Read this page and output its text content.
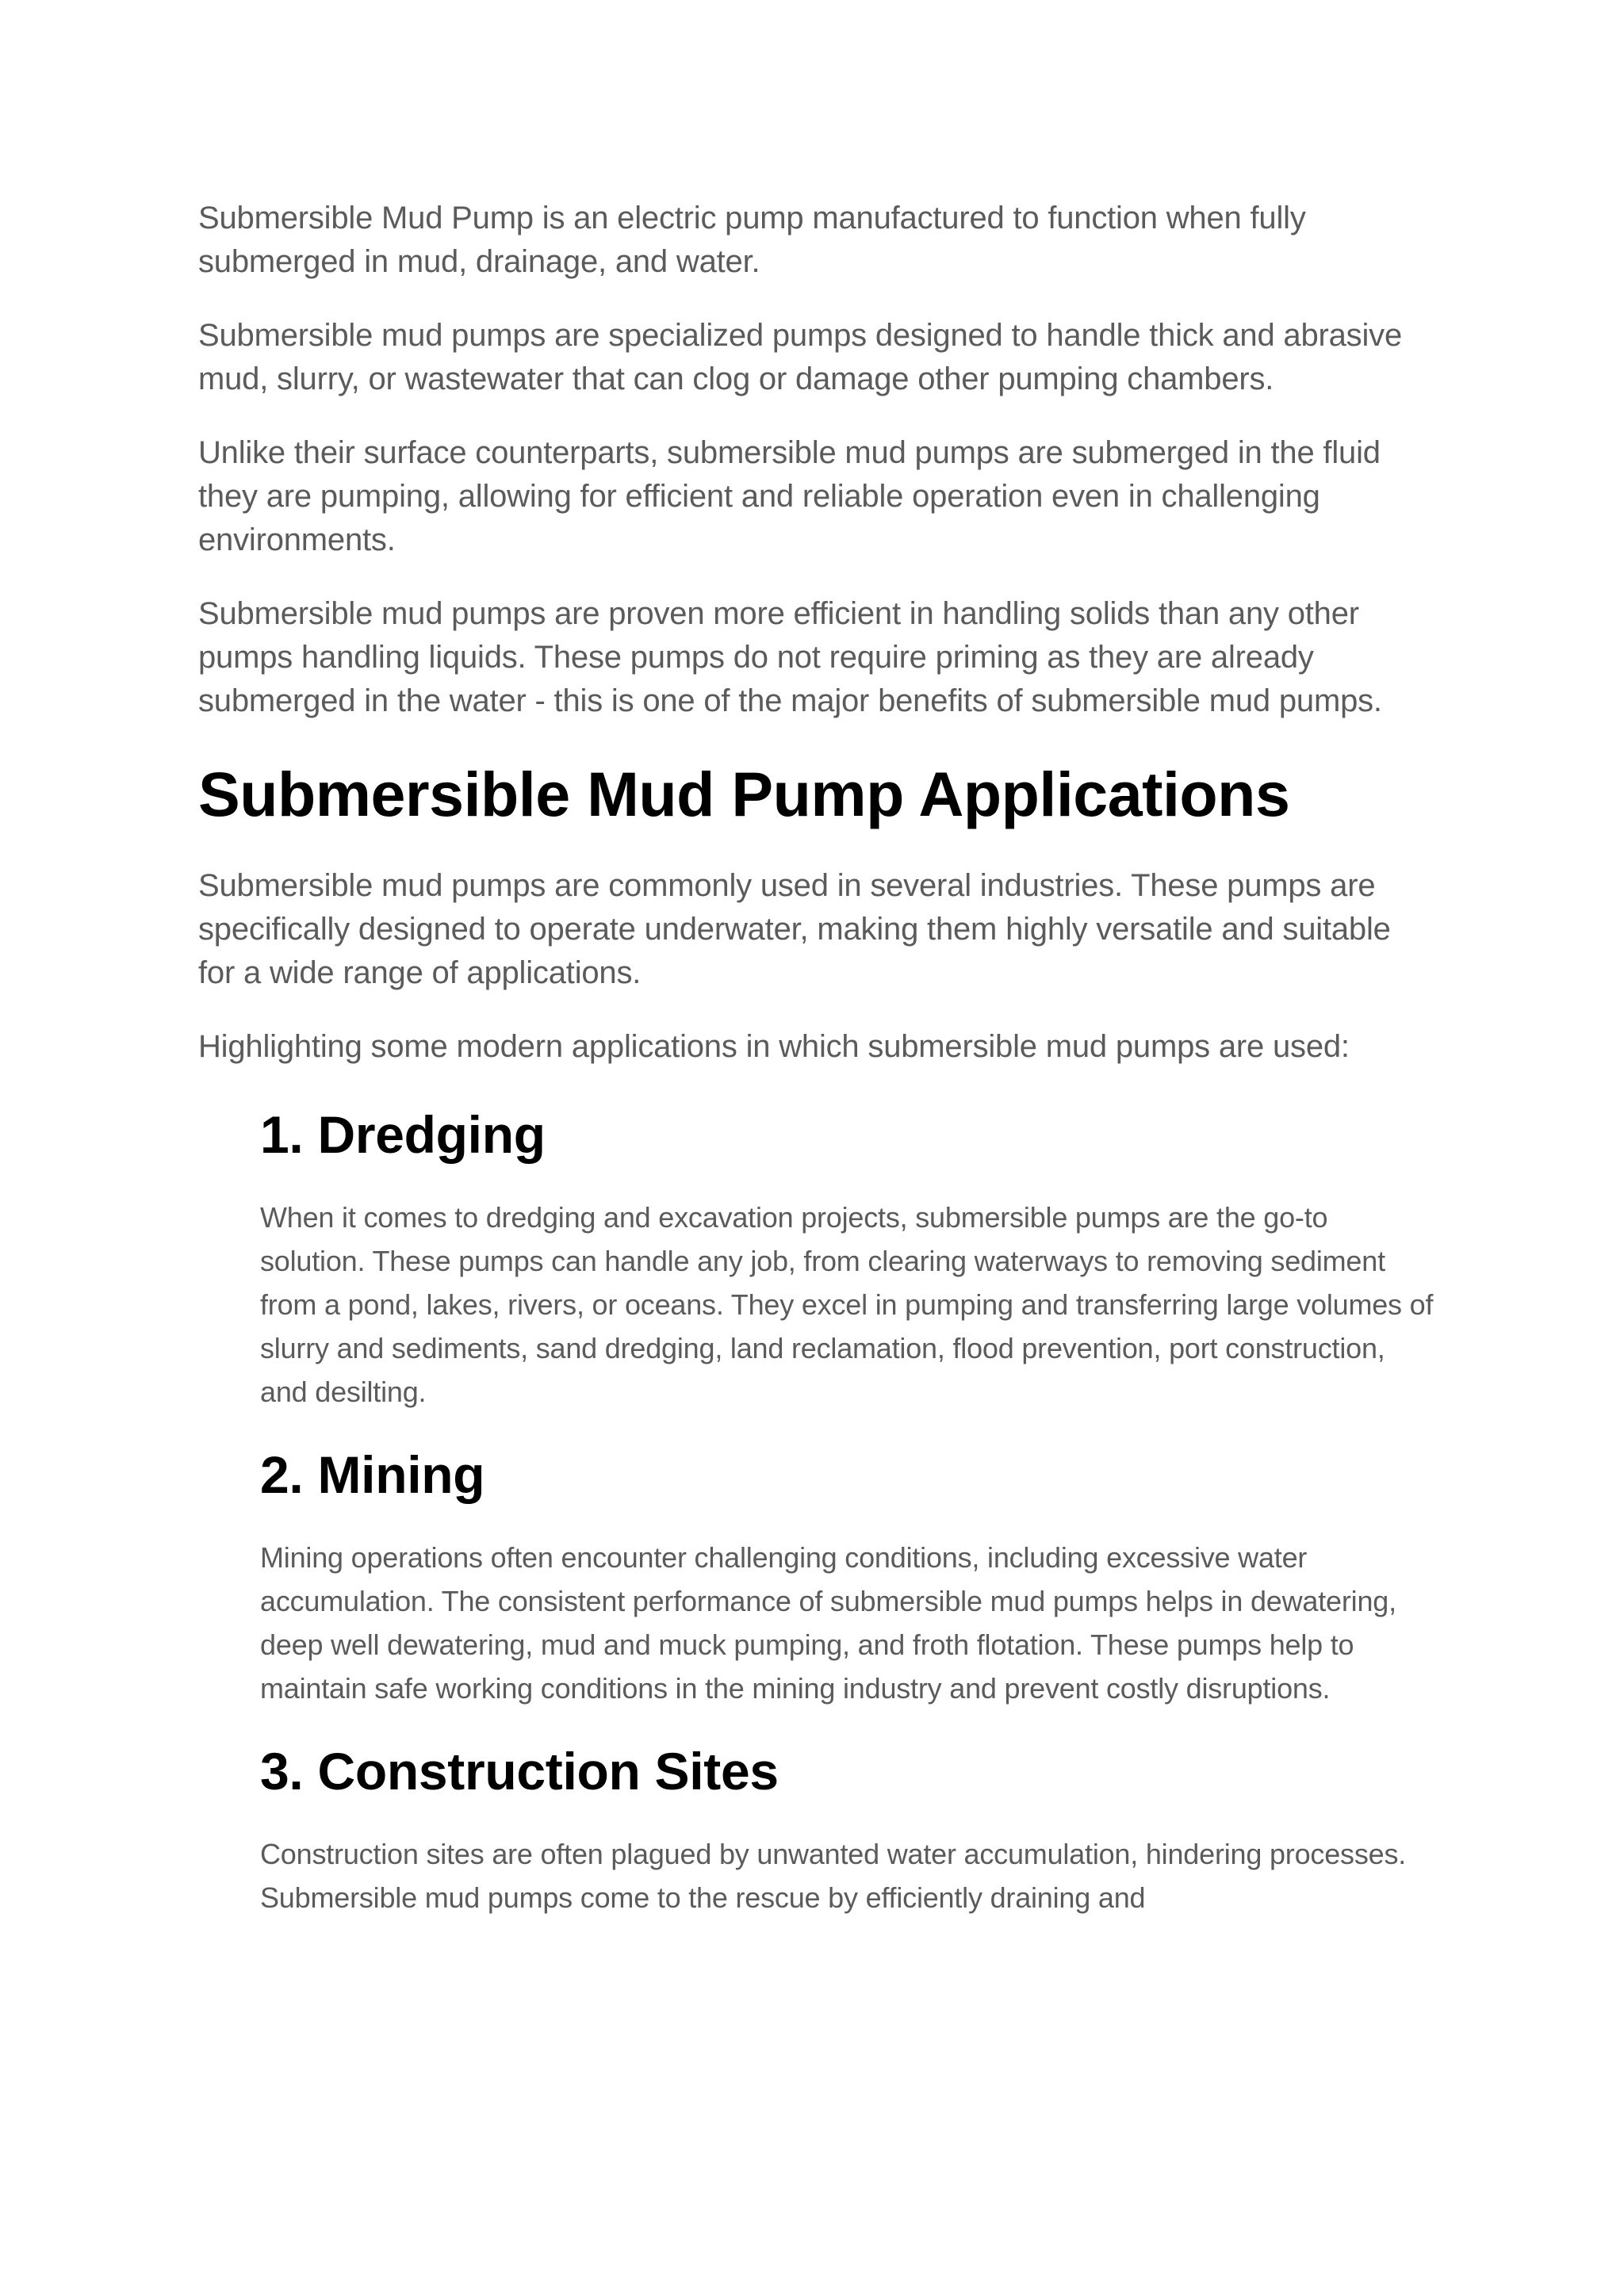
Submersible Mud Pump is an electric pump manufactured to function when fully submerged in mud, drainage, and water.

Submersible mud pumps are specialized pumps designed to handle thick and abrasive mud, slurry, or wastewater that can clog or damage other pumping chambers.

Unlike their surface counterparts, submersible mud pumps are submerged in the fluid they are pumping, allowing for efficient and reliable operation even in challenging environments.

Submersible mud pumps are proven more efficient in handling solids than any other pumps handling liquids. These pumps do not require priming as they are already submerged in the water - this is one of the major benefits of submersible mud pumps.

Submersible Mud Pump Applications

Submersible mud pumps are commonly used in several industries. These pumps are specifically designed to operate underwater, making them highly versatile and suitable for a wide range of applications.

Highlighting some modern applications in which submersible mud pumps are used:

1. Dredging

When it comes to dredging and excavation projects, submersible pumps are the go-to solution. These pumps can handle any job, from clearing waterways to removing sediment from a pond, lakes, rivers, or oceans. They excel in pumping and transferring large volumes of slurry and sediments, sand dredging, land reclamation, flood prevention, port construction, and desilting.

2. Mining

Mining operations often encounter challenging conditions, including excessive water accumulation. The consistent performance of submersible mud pumps helps in dewatering, deep well dewatering, mud and muck pumping, and froth flotation. These pumps help to maintain safe working conditions in the mining industry and prevent costly disruptions.

3. Construction Sites

Construction sites are often plagued by unwanted water accumulation, hindering processes. Submersible mud pumps come to the rescue by efficiently draining and
